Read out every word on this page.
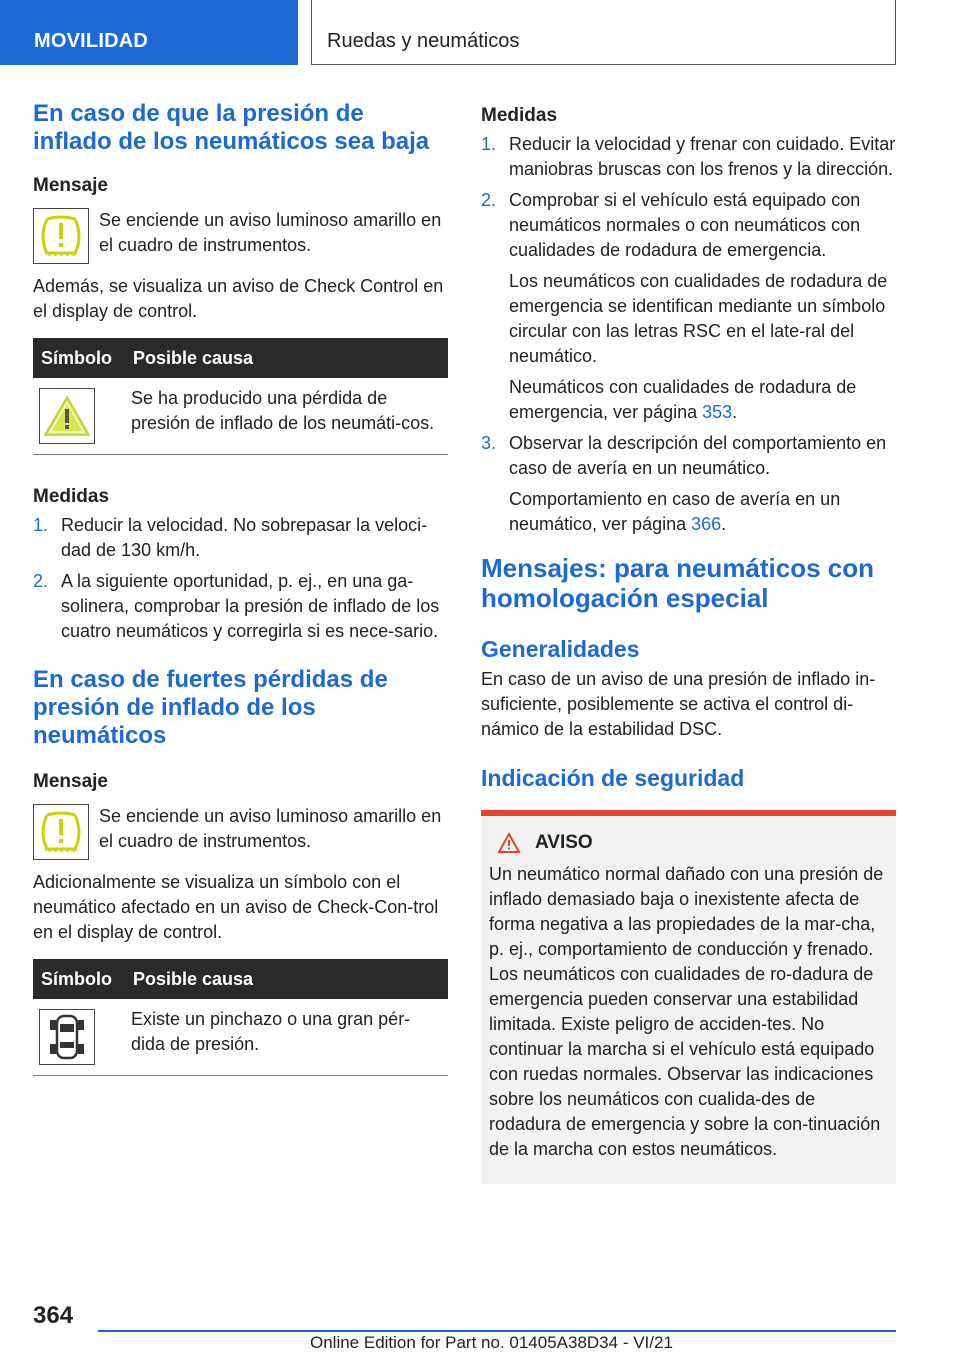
MOVILIDAD	Ruedas y neumáticos
En caso de que la presión de inflado de los neumáticos sea baja
Mensaje
Se enciende un aviso luminoso amarillo en el cuadro de instrumentos.

Además, se visualiza un aviso de Check Control en el display de control.

Símbolo	Posible causa

	Se ha producido una pérdida de presión de inflado de los neumáti-cos.
Medidas
1. Reducir la velocidad. No sobrepasar la veloci-dad de 130 km/h.

2. A la siguiente oportunidad, p. ej., en una ga-solinera, comprobar la presión de inflado de los cuatro neumáticos y corregirla si es nece-sario.

En caso de fuertes pérdidas de presión de inflado de los neumáticos
Mensaje
Se enciende un aviso luminoso amarillo en el cuadro de instrumentos.

Adicionalmente se visualiza un símbolo con el neumático afectado en un aviso de Check-Con-trol en el display de control.

Símbolo	Posible causa

	Existe un pinchazo o una gran pér-dida de presión.
Medidas
1. Reducir la velocidad y frenar con cuidado. Evitar maniobras bruscas con los frenos y la dirección.

2. Comprobar si el vehículo está equipado con neumáticos normales o con neumáticos con cualidades de rodadura de emergencia.

Los neumáticos con cualidades de rodadura de emergencia se identifican mediante un símbolo circular con las letras RSC en el late-ral del neumático.

Neumáticos con cualidades de rodadura de emergencia, ver página 353.

3. Observar la descripción del comportamiento en caso de avería en un neumático.

Comportamiento en caso de avería en un neumático, ver página 366.

Mensajes: para neumáticos con homologación especial
Generalidades

En caso de un aviso de una presión de inflado in-suficiente, posiblemente se activa el control di-námico de la estabilidad DSC.

Indicación de seguridad
AVISO

Un neumático normal dañado con una presión de inflado demasiado baja o inexistente afecta de forma negativa a las propiedades de la mar-cha, p. ej., comportamiento de conducción y frenado. Los neumáticos con cualidades de ro-dadura de emergencia pueden conservar una estabilidad limitada. Existe peligro de acciden-tes. No continuar la marcha si el vehículo está equipado con ruedas normales. Observar las indicaciones sobre los neumáticos con cualida-des de rodadura de emergencia y sobre la con-tinuación de la marcha con estos neumáticos.

364
Online Edition for Part no. 01405A38D34 - VI/21
